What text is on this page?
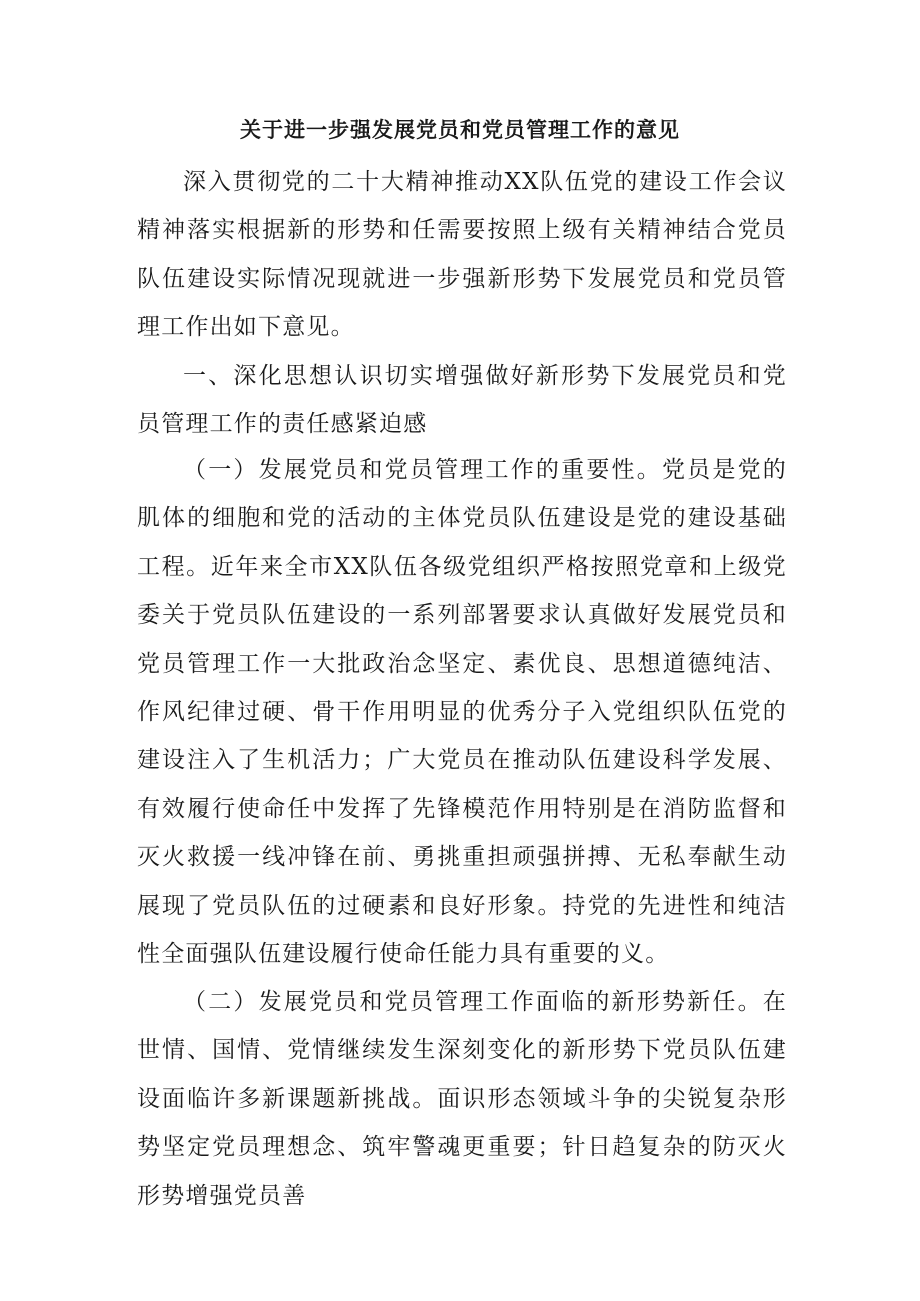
关于进一步强发展党员和党员管理工作的意见

深入贯彻党的二十大精神推动XX队伍党的建设工作会议精神落实根据新的形势和任需要按照上级有关精神结合党员队伍建设实际情况现就进一步强新形势下发展党员和党员管理工作出如下意见。

一、深化思想认识切实增强做好新形势下发展党员和党员管理工作的责任感紧迫感

（一）发展党员和党员管理工作的重要性。党员是党的肌体的细胞和党的活动的主体党员队伍建设是党的建设基础工程。近年来全市XX队伍各级党组织严格按照党章和上级党委关于党员队伍建设的一系列部署要求认真做好发展党员和党员管理工作一大批政治念坚定、素优良、思想道德纯洁、作风纪律过硬、骨干作用明显的优秀分子入党组织队伍党的建设注入了生机活力；广大党员在推动队伍建设科学发展、有效履行使命任中发挥了先锋模范作用特别是在消防监督和灭火救援一线冲锋在前、勇挑重担顽强拼搏、无私奉献生动展现了党员队伍的过硬素和良好形象。持党的先进性和纯洁性全面强队伍建设履行使命任能力具有重要的义。

（二）发展党员和党员管理工作面临的新形势新任。在世情、国情、党情继续发生深刻变化的新形势下党员队伍建设面临许多新课题新挑战。面识形态领域斗争的尖锐复杂形势坚定党员理想念、筑牢警魂更重要；针日趋复杂的防灭火形势增强党员善
